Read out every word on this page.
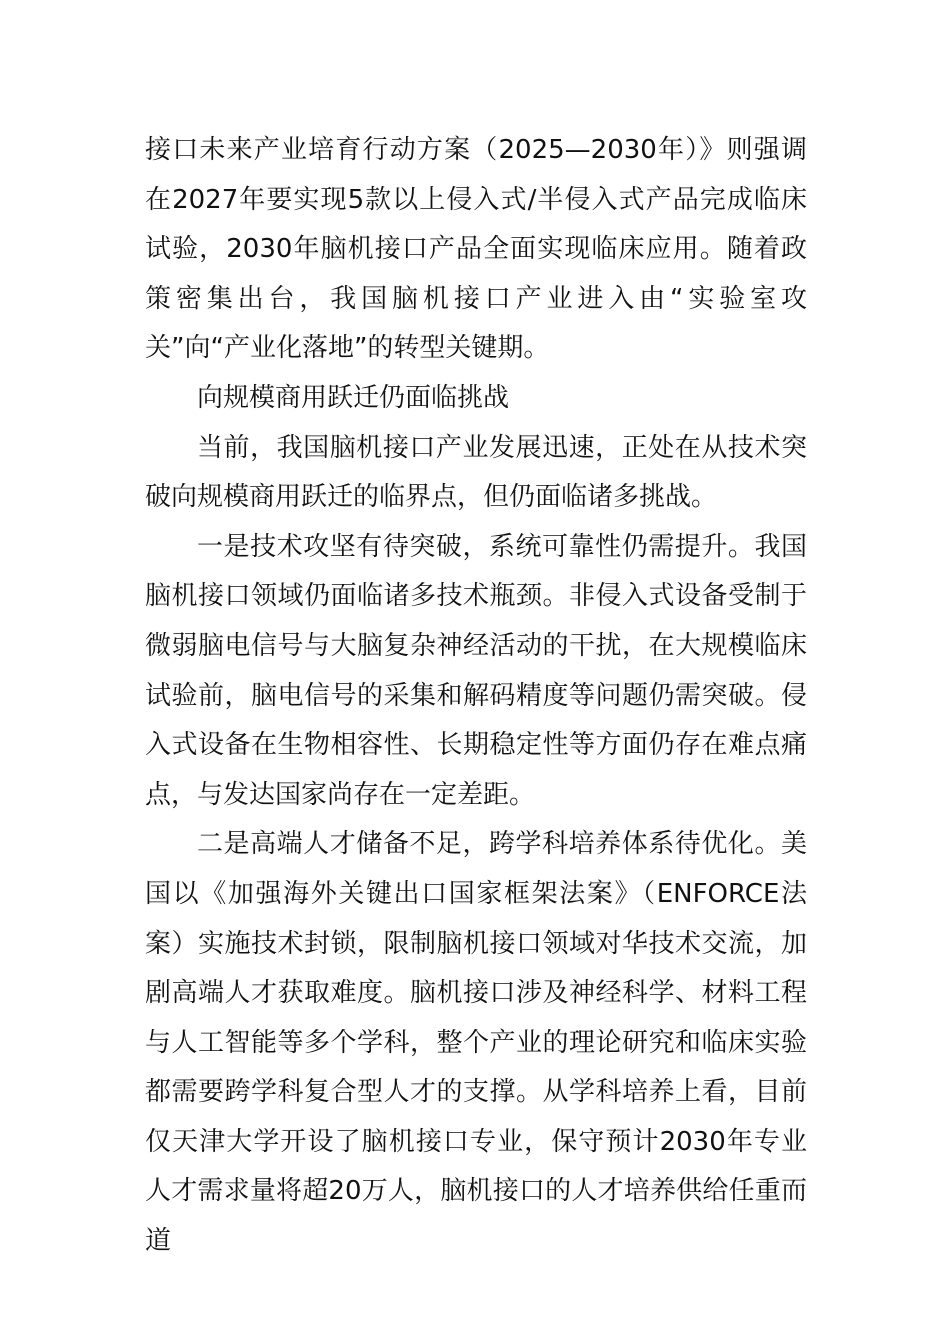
接口未来产业培育行动方案（2025—2030年）》则强调在2027年要实现5款以上侵入式/半侵入式产品完成临床试验，2030年脑机接口产品全面实现临床应用。随着政策密集出台，我国脑机接口产业进入由“实验室攻关”向“产业化落地”的转型关键期。

向规模商用跃迁仍面临挑战

当前，我国脑机接口产业发展迅速，正处在从技术突破向规模商用跃迁的临界点，但仍面临诸多挑战。

一是技术攻坚有待突破，系统可靠性仍需提升。我国脑机接口领域仍面临诸多技术瓶颈。非侵入式设备受制于微弱脑电信号与大脑复杂神经活动的干扰，在大规模临床试验前，脑电信号的采集和解码精度等问题仍需突破。侵入式设备在生物相容性、长期稳定性等方面仍存在难点痛点，与发达国家尚存在一定差距。

二是高端人才储备不足，跨学科培养体系待优化。美国以《加强海外关键出口国家框架法案》（ENFORCE法案）实施技术封锁，限制脑机接口领域对华技术交流，加剧高端人才获取难度。脑机接口涉及神经科学、材料工程与人工智能等多个学科，整个产业的理论研究和临床实验都需要跨学科复合型人才的支撑。从学科培养上看，目前仅天津大学开设了脑机接口专业，保守预计2030年专业人才需求量将超20万人，脑机接口的人才培养供给任重而道
